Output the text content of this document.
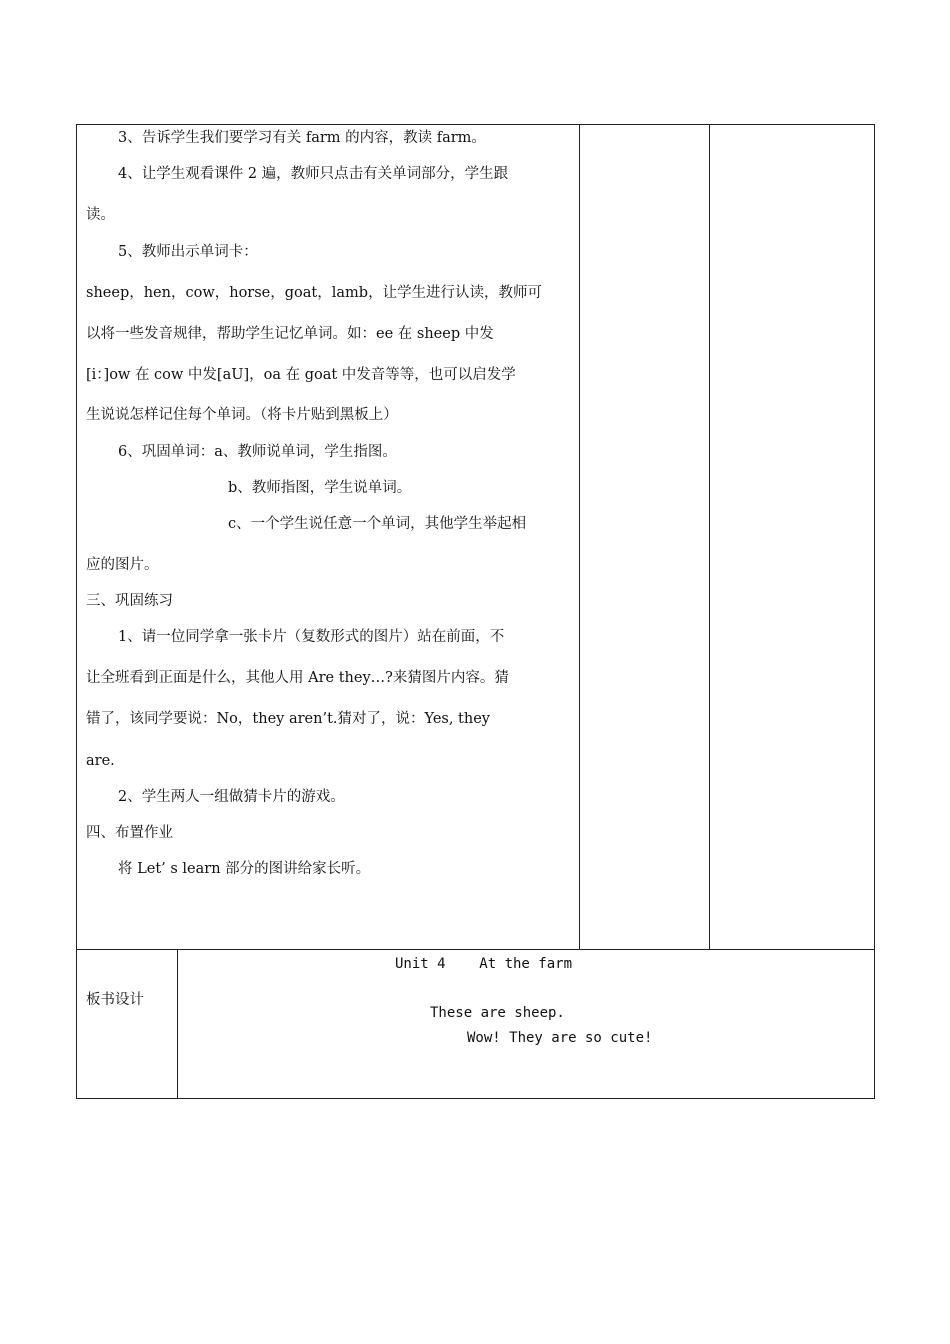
3、告诉学生我们要学习有关 farm 的内容，教读 farm。
4、让学生观看课件 2 遍，教师只点击有关单词部分，学生跟
读。
5、教师出示单词卡：
sheep，hen，cow，horse，goat，lamb，让学生进行认读，教师可
以将一些发音规律，帮助学生记忆单词。如：ee 在 sheep 中发
[i：]ow 在 cow 中发[aU]，oa 在 goat 中发音等等，也可以启发学
生说说怎样记住每个单词。（将卡片贴到黑板上）
6、巩固单词：a、教师说单词，学生指图。
b、教师指图，学生说单词。
c、一个学生说任意一个单词，其他学生举起相
应的图片。
三、巩固练习
1、请一位同学拿一张卡片（复数形式的图片）站在前面，不
让全班看到正面是什么，其他人用 Are they…?来猜图片内容。猜
错了，该同学要说：No，they aren’t.猜对了，说：Yes, they
are.
2、学生两人一组做猜卡片的游戏。
四、布置作业
将 Let’ s learn 部分的图讲给家长听。
板书设计
Unit 4    At the farm
These are sheep.
Wow! They are so cute!
